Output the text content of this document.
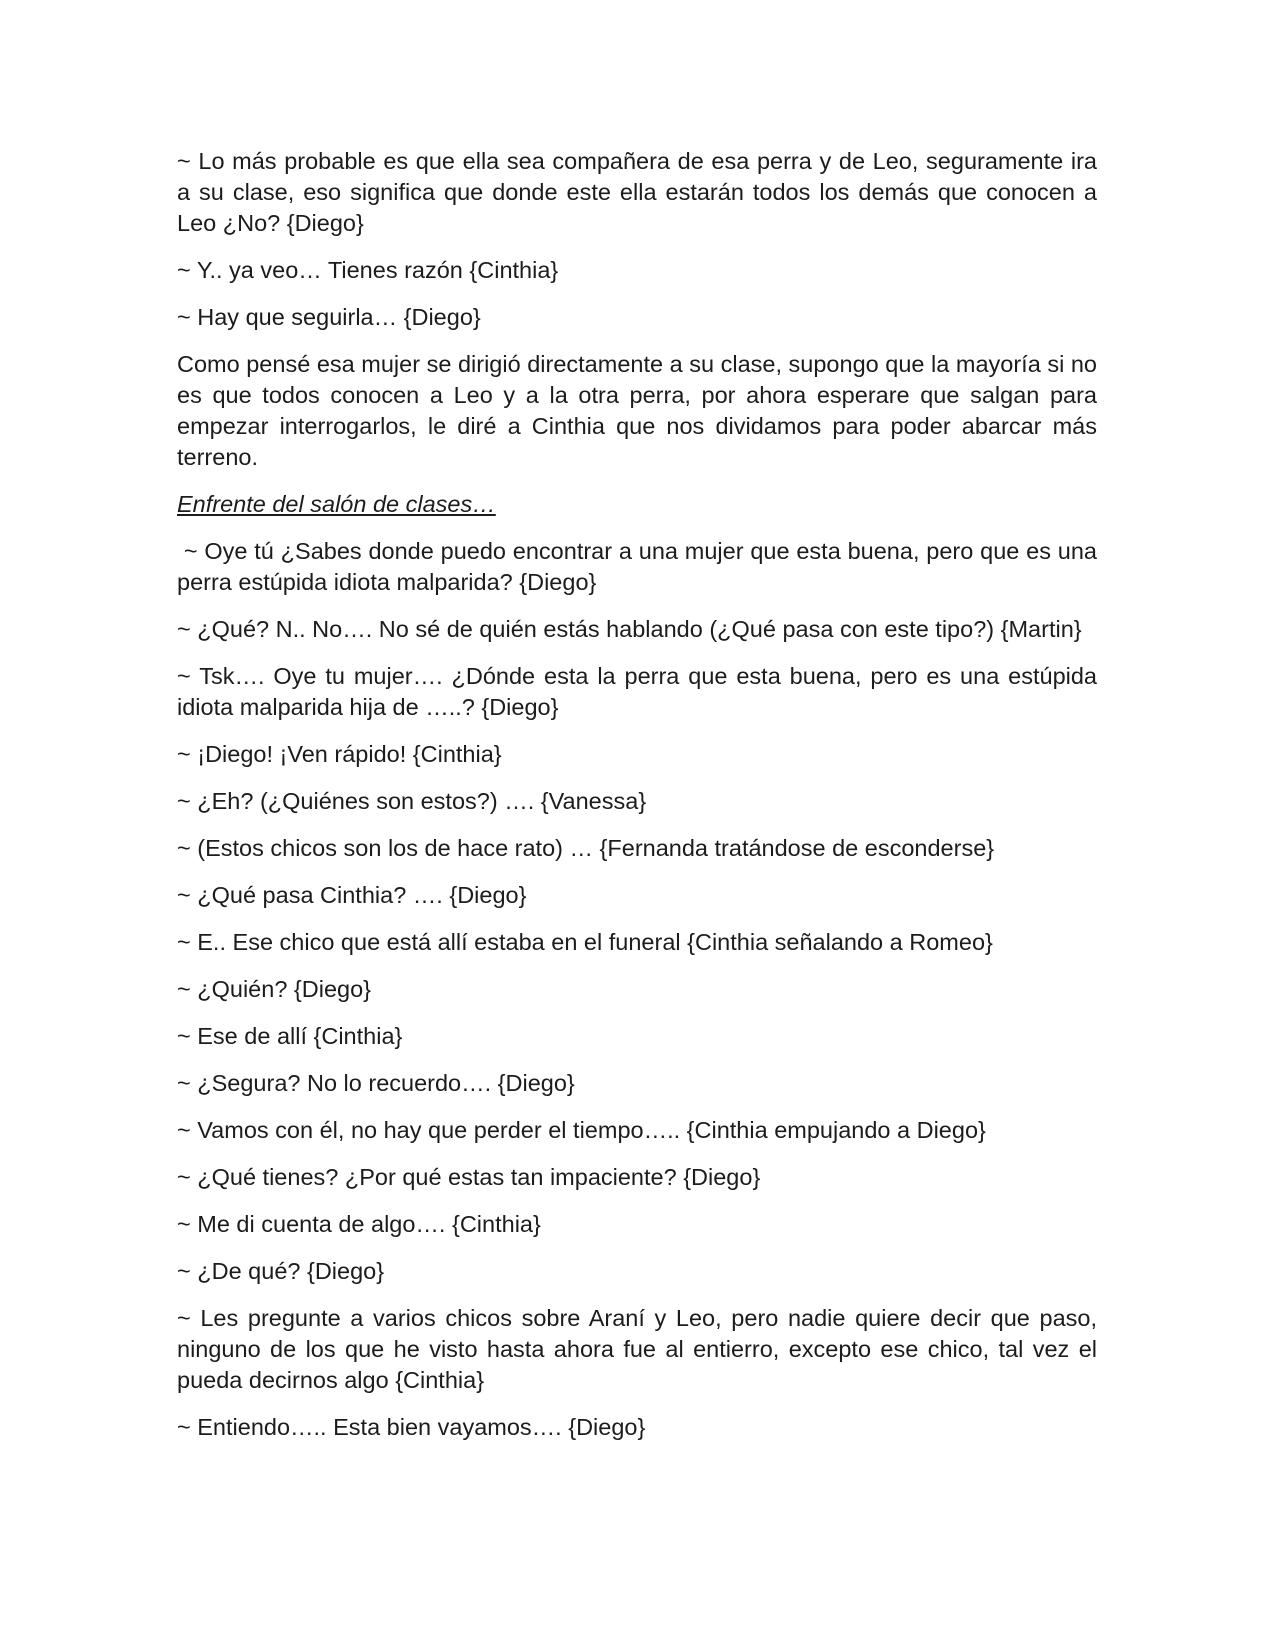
~ Lo más probable es que ella sea compañera de esa perra y de Leo, seguramente ira a su clase, eso significa que donde este ella estarán todos los demás que conocen a Leo ¿No? {Diego}

~ Y.. ya veo… Tienes razón {Cinthia}

~ Hay que seguirla… {Diego}

Como pensé esa mujer se dirigió directamente a su clase, supongo que la mayoría si no es que todos conocen a Leo y a la otra perra, por ahora esperare que salgan para empezar interrogarlos, le diré a Cinthia que nos dividamos para poder abarcar más terreno.

Enfrente del salón de clases…

~ Oye tú ¿Sabes donde puedo encontrar a una mujer que esta buena, pero que es una perra estúpida idiota malparida? {Diego}

~ ¿Qué? N.. No…. No sé de quién estás hablando (¿Qué pasa con este tipo?) {Martin}

~ Tsk…. Oye tu mujer…. ¿Dónde esta la perra que esta buena, pero es una estúpida idiota malparida hija de …..? {Diego}

~ ¡Diego! ¡Ven rápido! {Cinthia}

~ ¿Eh? (¿Quiénes son estos?) …. {Vanessa}

~ (Estos chicos son los de hace rato) … {Fernanda tratándose de esconderse}

~ ¿Qué pasa Cinthia? …. {Diego}

~ E.. Ese chico que está allí estaba en el funeral {Cinthia señalando a Romeo}

~ ¿Quién? {Diego}

~ Ese de allí {Cinthia}

~ ¿Segura? No lo recuerdo…. {Diego}

~ Vamos con él, no hay que perder el tiempo….. {Cinthia empujando a Diego}

~ ¿Qué tienes? ¿Por qué estas tan impaciente? {Diego}

~ Me di cuenta de algo…. {Cinthia}

~ ¿De qué? {Diego}

~ Les pregunte a varios chicos sobre Araní y Leo, pero nadie quiere decir que paso, ninguno de los que he visto hasta ahora fue al entierro, excepto ese chico, tal vez el pueda decirnos algo {Cinthia}

~ Entiendo….. Esta bien vayamos…. {Diego}
